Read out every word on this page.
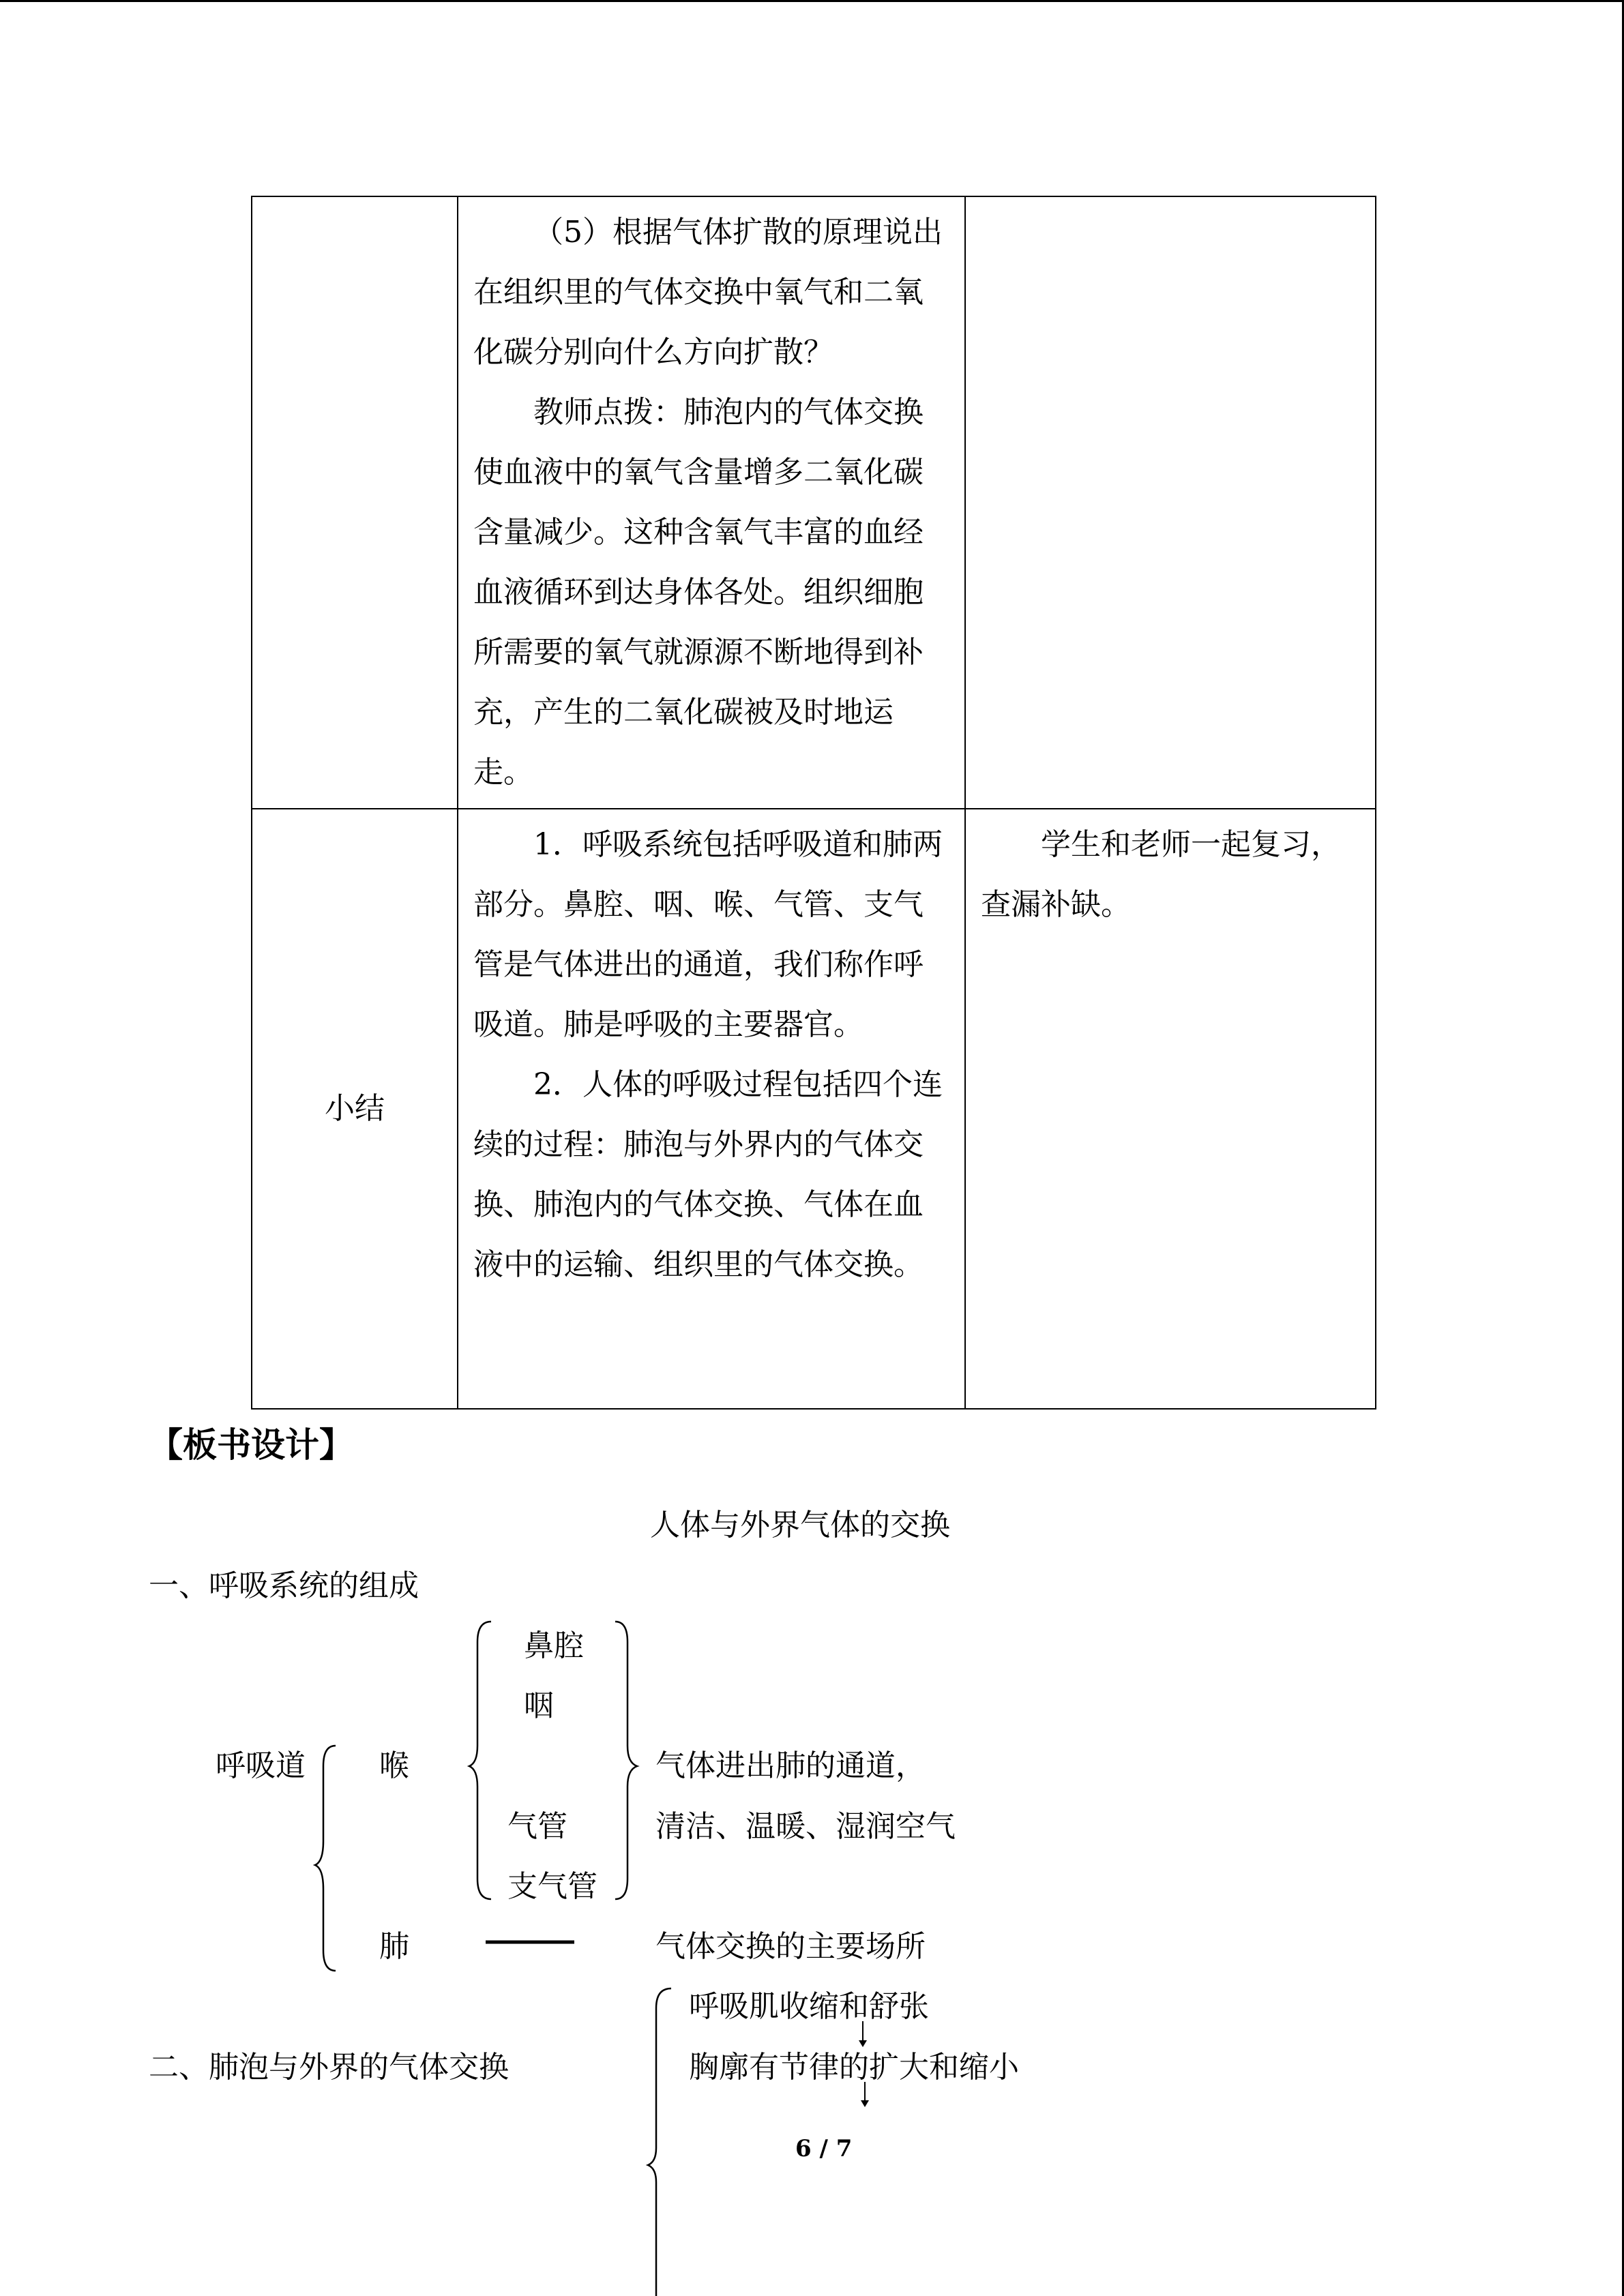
	（5）根据气体扩散的原理说出在组织里的气体交换中氧气和二氧化碳分别向什么方向扩散？

教师点拨：肺泡内的气体交换使血液中的氧气含量增多二氧化碳含量减少。这种含氧气丰富的血经血液循环到达身体各处。组织细胞所需要的氧气就源源不断地得到补充，产生的二氧化碳被及时地运走。	

小结	1．呼吸系统包括呼吸道和肺两部分。鼻腔、咽、喉、气管、支气管是气体进出的通道，我们称作呼吸道。肺是呼吸的主要器官。

2．人体的呼吸过程包括四个连续的过程：肺泡与外界内的气体交换、肺泡内的气体交换、气体在血液中的运输、组织里的气体交换。	学生和老师一起复习，查漏补缺。

【板书设计】
人体与外界气体的交换
一、呼吸系统的组成
呼吸道
鼻腔
咽
喉
气管
支气管
气体进出肺的通道，
清洁、温暖、湿润空气
肺	气体交换的主要场所
二、肺泡与外界的气体交换
呼吸肌收缩和舒张
胸廓有节律的扩大和缩小
6 / 7
